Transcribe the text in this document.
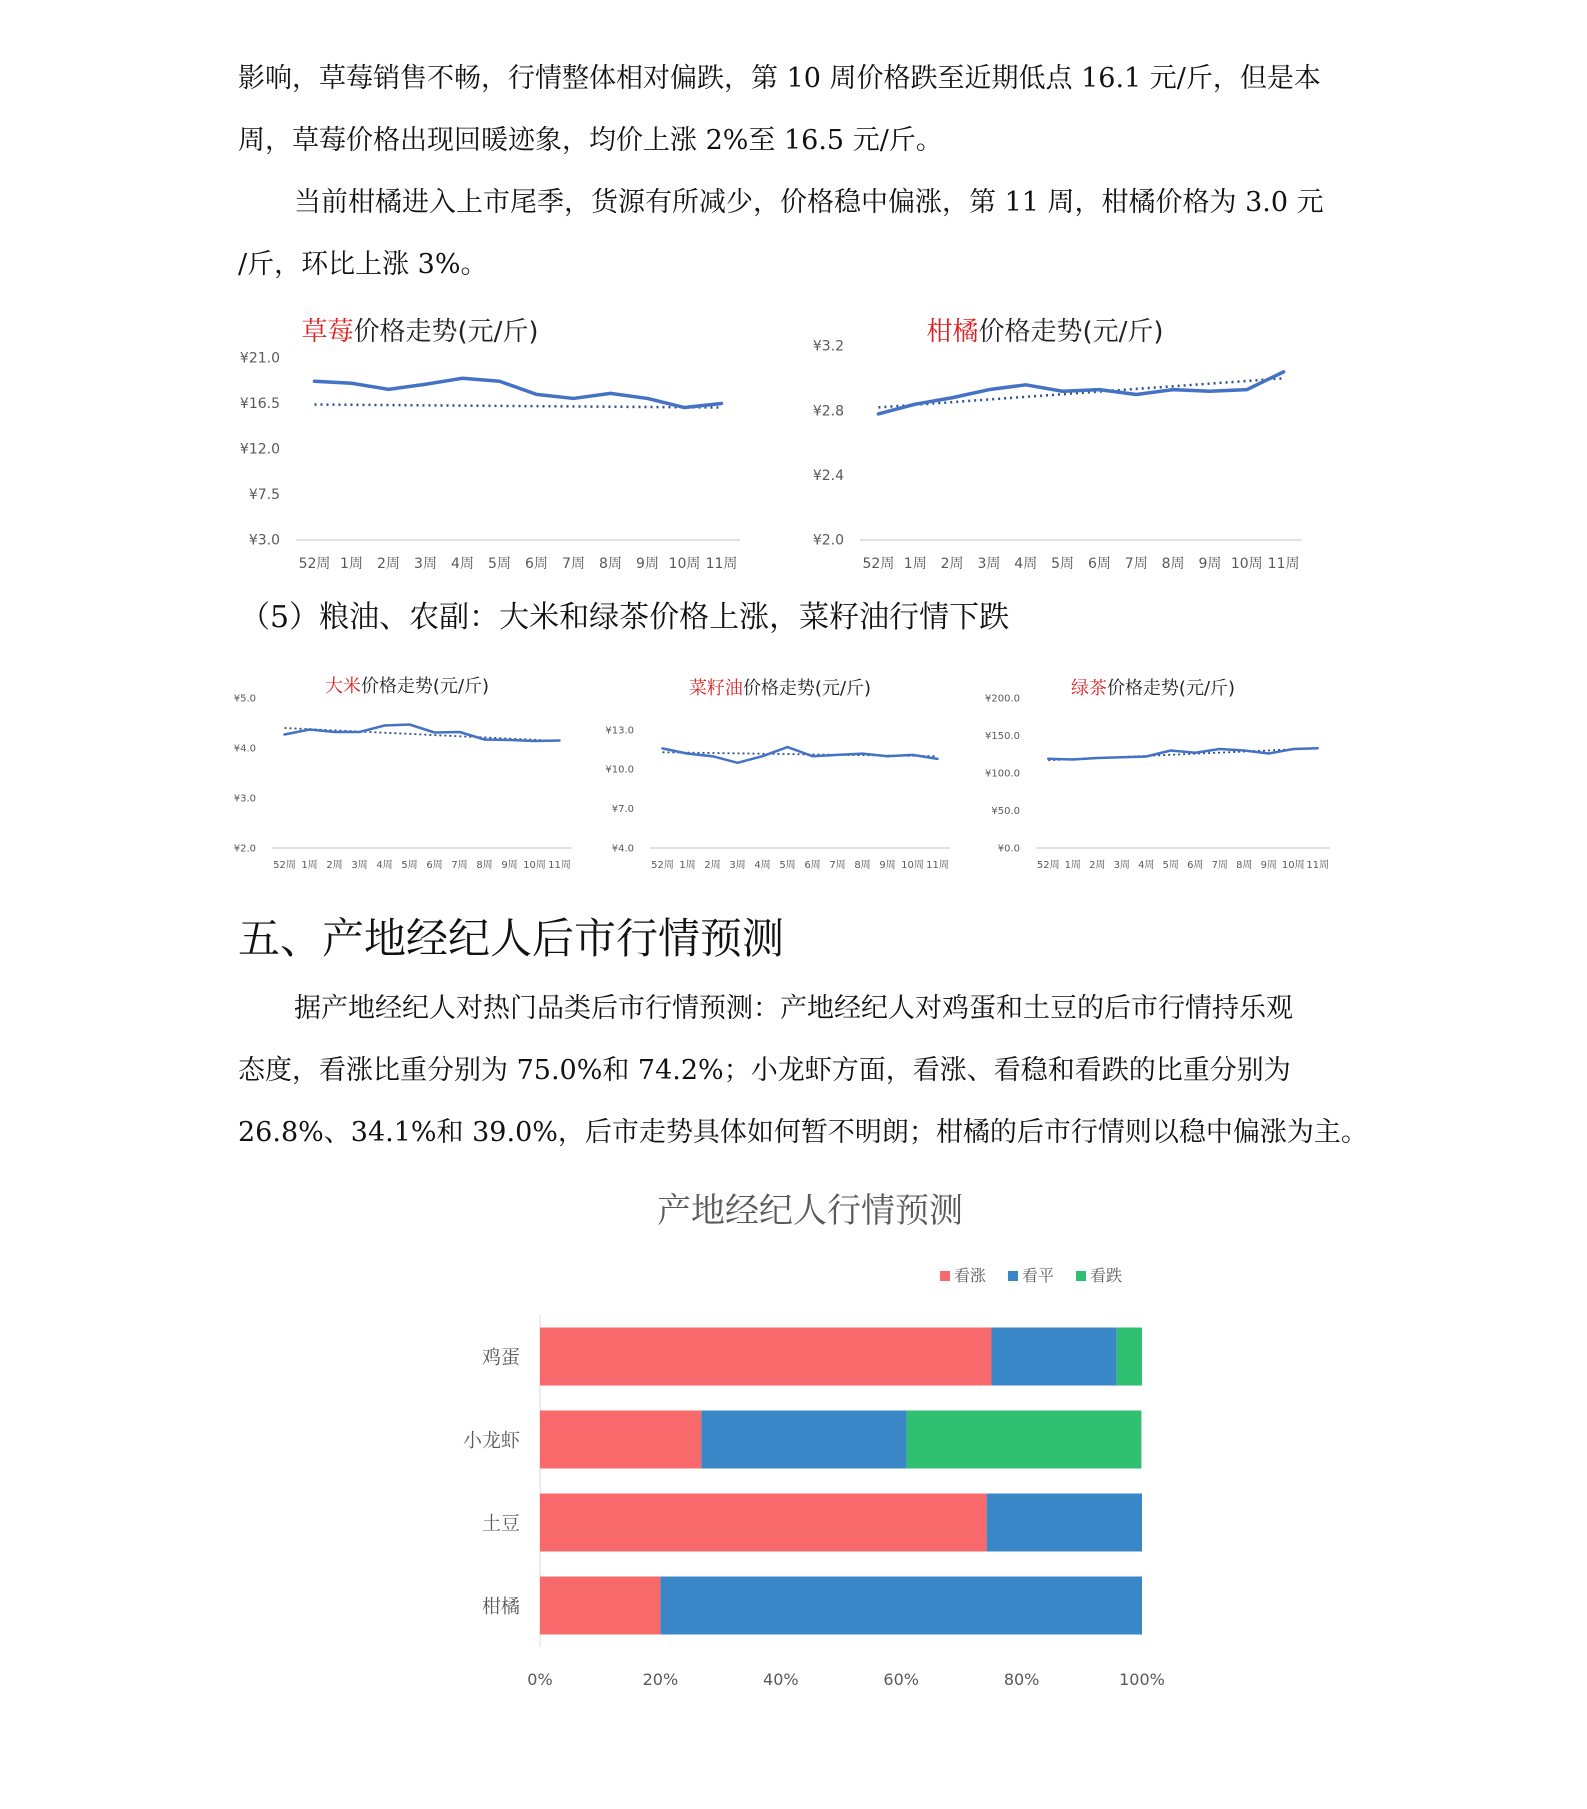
影响，草莓销售不畅，行情整体相对偏跌，第 10 周价格跌至近期低点 16.1 元/斤，但是本

周，草莓价格出现回暖迹象，均价上涨 2%至 16.5 元/斤。

当前柑橘进入上市尾季，货源有所减少，价格稳中偏涨，第 11 周，柑橘价格为 3.0 元

/斤，环比上涨 3%。

草莓价格走势(元/斤)
¥3.0
¥7.5
¥12.0
¥16.5
¥21.0
52周 1周 2周 3周 4周 5周 6周 7周 8周 9周 10周 11周
柑橘价格走势(元/斤)
¥2.0
¥2.4
¥2.8
¥3.2
52周 1周 2周 3周 4周 5周 6周 7周 8周 9周 10周 11周

（5）粮油、农副：大米和绿茶价格上涨，菜籽油行情下跌

大米价格走势(元/斤)
¥2.0
¥3.0
¥4.0
¥5.0
52周 1周 2周 3周 4周 5周 6周 7周 8周 9周 10周 11周
菜籽油价格走势(元/斤)
¥4.0
¥7.0
¥10.0
¥13.0
52周 1周 2周 3周 4周 5周 6周 7周 8周 9周 10周 11周
绿茶价格走势(元/斤)
¥0.0
¥50.0
¥100.0
¥150.0
¥200.0
52周 1周 2周 3周 4周 5周 6周 7周 8周 9周 10周 11周
五、产地经纪人后市行情预测

据产地经纪人对热门品类后市行情预测：产地经纪人对鸡蛋和土豆的后市行情持乐观

态度，看涨比重分别为 75.0%和 74.2%；小龙虾方面，看涨、看稳和看跌的比重分别为

26.8%、34.1%和 39.0%，后市走势具体如何暂不明朗；柑橘的后市行情则以稳中偏涨为主。

产地经纪人行情预测
看涨 看平 看跌
鸡蛋
小龙虾
土豆
柑橘
0%	20%	40%	60%	80%	100%
